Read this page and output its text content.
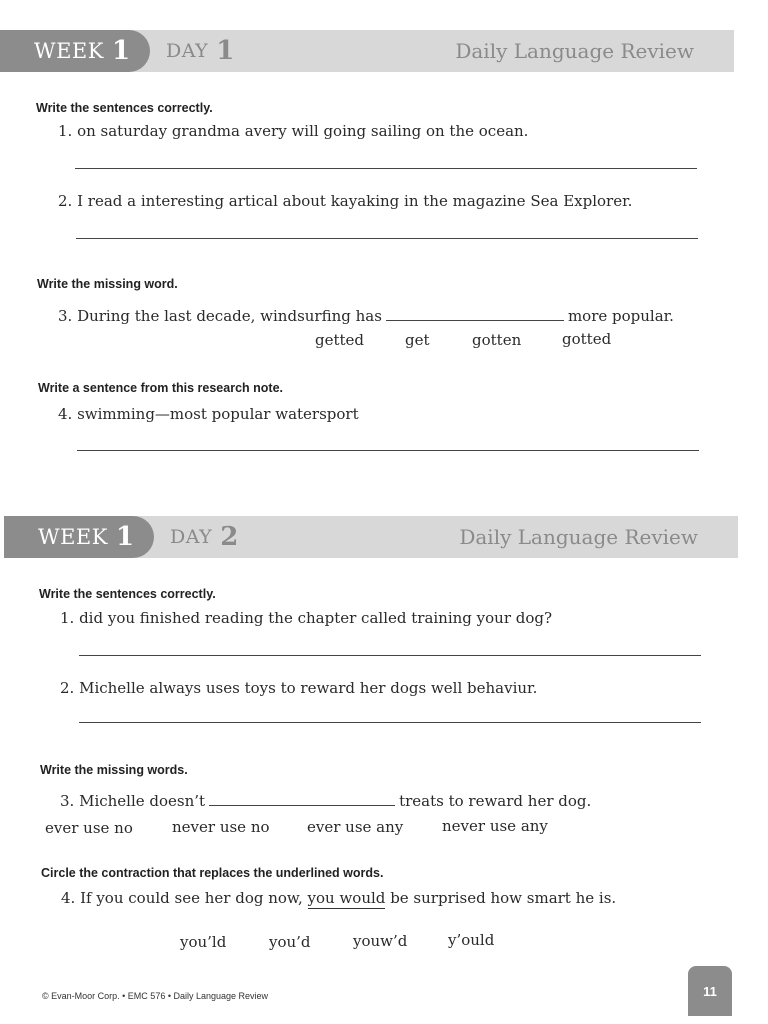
WEEK 1 DAY 1	Daily Language Review
Write the sentences correctly.
1. on saturday grandma avery will going sailing on the ocean.
2. I read a interesting artical about kayaking in the magazine Sea Explorer.
Write the missing word.
3. During the last decade, windsurfing has	more popular.
getted	get	gotten	gotted
Write a sentence from this research note.
4. swimming—most popular watersport
WEEK 1 DAY 2	Daily Language Review
Write the sentences correctly.
1. did you finished reading the chapter called training your dog?
2. Michelle always uses toys to reward her dogs well behaviur.
Write the missing words.
3. Michelle doesn’t	treats to reward her dog.
ever use no	never use no ever use any	never use any
Circle the contraction that replaces the underlined words.
4. If you could see her dog now, you would be surprised how smart he is.
you’ld	you’d	youw’d	y’ould
© Evan-Moor Corp. • EMC 576 • Daily Language Review	11
